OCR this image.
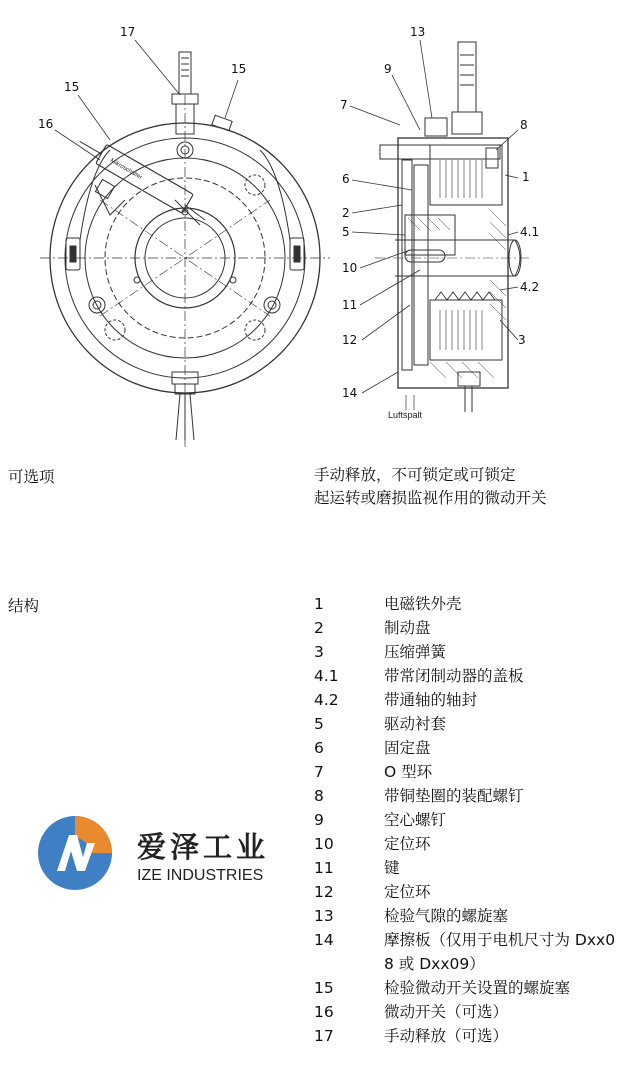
17
15
15
16
13
9
7
8
1
6
2
5	4.1
10
4.2
11
12	3
14
Luftspalt
Mikroschalter
可选项	手动释放，不可锁定或可锁定
起运转或磨损监视作用的微动开关
结构	1	电磁铁外壳
2	制动盘
3	压缩弹簧
4.1	带常闭制动器的盖板
4.2	带通轴的轴封
5	驱动衬套
6	固定盘
7	O 型环
8	带铜垫圈的装配螺钉
9	空心螺钉
10	定位环
11	键
12	定位环
13	检验气隙的螺旋塞
14	摩擦板（仅用于电机尺寸为 Dxx08 或 Dxx09）
15	检验微动开关设置的螺旋塞
16	微动开关（可选）
17	手动释放（可选）
爱泽工业
IZE INDUSTRIES
